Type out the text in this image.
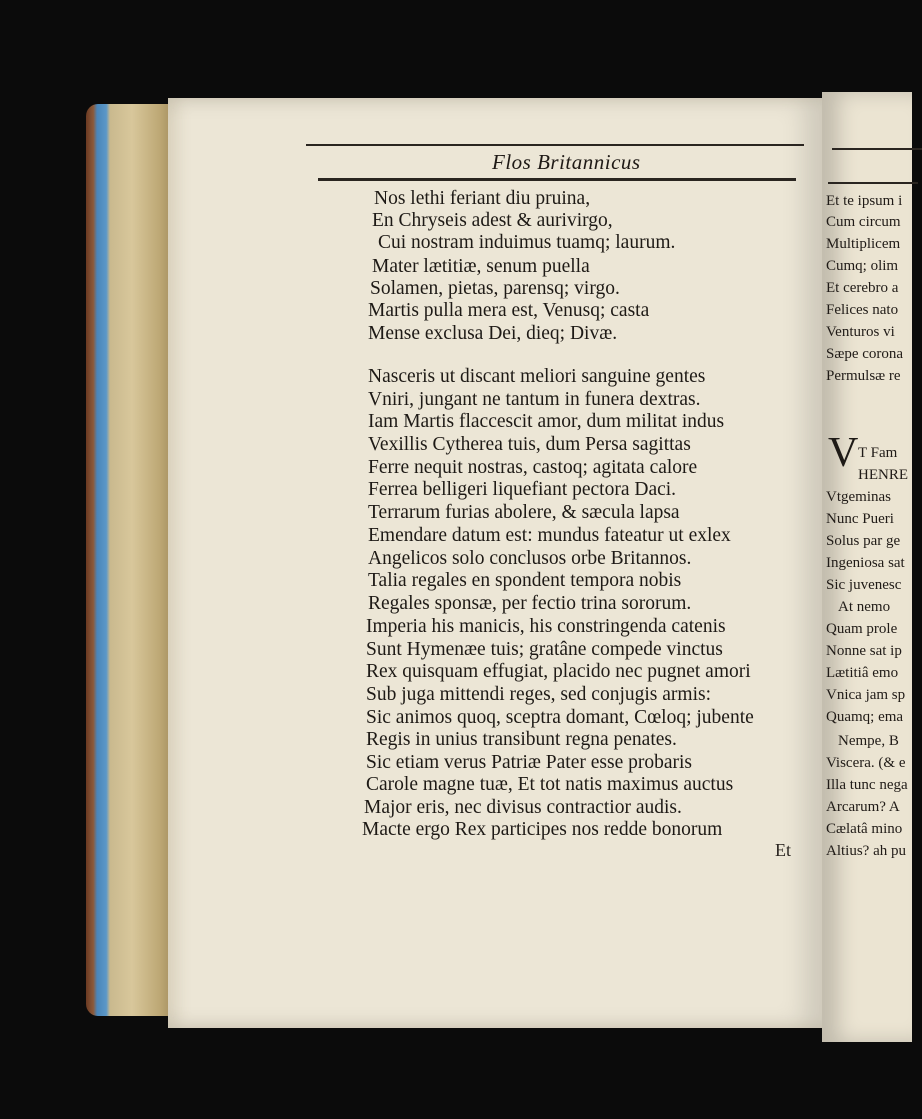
Flos Britannicus
Nos lethi feriant diu pruina,
En Chryseis adest & aurivirgo,
Cui nostram induimus tuamq; laurum.
Mater lætitiæ, senum puella
Solamen, pietas, parensq; virgo.
Martis pulla mera est, Venusq; casta
Mense exclusa Dei, dieq; Divæ.
Nasceris ut discant meliori sanguine gentes
Vniri, jungant ne tantum in funera dextras.
Iam Martis flaccescit amor, dum militat indus
Vexillis Cytherea tuis, dum Persa sagittas
Ferre nequit nostras, castoq; agitata calore
Ferrea belligeri liquefiant pectora Daci.
Terrarum furias abolere, & sæcula lapsa
Emendare datum est: mundus fateatur ut exlex
Angelicos solo conclusos orbe Britannos.
Talia regales en spondent tempora nobis
Regales sponsæ, per fectio trina sororum.
Imperia his manicis, his constringenda catenis
Sunt Hymenæe tuis; gratâne compede vinctus
Rex quisquam effugiat, placido nec pugnet amori
Sub juga mittendi reges, sed conjugis armis:
Sic animos quoq, sceptra domant, Cœloq; jubente
Regis in unius transibunt regna penates.
Sic etiam verus Patriæ Pater esse probaris
Carole magne tuæ, Et tot natis maximus auctus
Major eris, nec divisus contractior audis.
Macte ergo Rex participes nos redde bonorum
Et
Et te ipsum i
Cum circum
Multiplicem
Cumq; olim
Et cerebro a
Felices nato
Venturos vi
Sæpe corona
Permulsæ re
V T Fam
HENRE
Vtgeminas
Nunc Pueri
Solus par ge
Ingeniosa sat
Sic juvenesc
At nemo
Quam prole
Nonne sat ip
Lætitiâ emo
Vnica jam sp
Quamq; ema
Nempe, B
Viscera. (& e
Illa tunc nega
Arcarum? A
Cælatâ mino
Altius? ah pu
